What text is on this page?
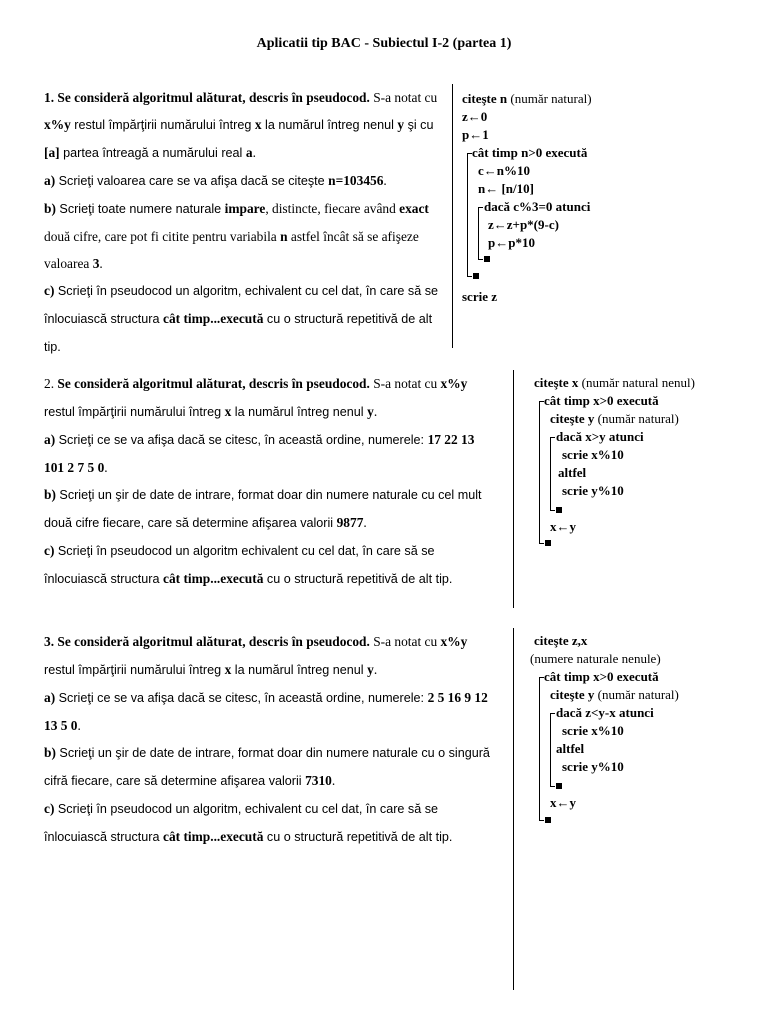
Aplicatii tip BAC - Subiectul I-2 (partea 1)
1. Se consideră algoritmul alăturat, descris în pseudocod. S-a notat cu x%y restul împărţirii numărului întreg x la numărul întreg nenul y şi cu [a] partea întreagă a numărului real a.
a) Scrieţi valoarea care se va afişa dacă se citeşte n=103456.
b) Scrieţi toate numere naturale impare, distincte, fiecare având exact două cifre, care pot fi citite pentru variabila n astfel încât să se afişeze valoarea 3.
c) Scrieţi în pseudocod un algoritm, echivalent cu cel dat, în care să se înlocuiască structura cât timp...execută cu o structură repetitivă de alt tip.
citeşte n (număr natural)
z←0
p←1
cât timp n>0 execută
c←n%10
n← [n/10]
dacă c%3=0 atunci
z←z+p*(9-c)
p←p*10
scrie z
2. Se consideră algoritmul alăturat, descris în pseudocod. S-a notat cu x%y restul împărţirii numărului întreg x la numărul întreg nenul y.
a) Scrieţi ce se va afişa dacă se citesc, în această ordine, numerele: 17 22 13 101 2 7 5 0.
b) Scrieţi un şir de date de intrare, format doar din numere naturale cu cel mult două cifre fiecare, care să determine afişarea valorii 9877.
c) Scrieţi în pseudocod un algoritm echivalent cu cel dat, în care să se înlocuiască structura cât timp...execută cu o structură repetitivă de alt tip.
citeşte x (număr natural nenul)
cât timp x>0 execută
citeşte y (număr natural)
dacă x>y atunci
scrie x%10
altfel
scrie y%10
x←y
3. Se consideră algoritmul alăturat, descris în pseudocod. S-a notat cu x%y restul împărţirii numărului întreg x la numărul întreg nenul y.
a) Scrieţi ce se va afişa dacă se citesc, în această ordine, numerele: 2 5 16 9 12 13 5 0.
b) Scrieţi un şir de date de intrare, format doar din numere naturale cu o singură cifră fiecare, care să determine afişarea valorii 7310.
c) Scrieţi în pseudocod un algoritm, echivalent cu cel dat, în care să se înlocuiască structura cât timp...execută cu o structură repetitivă de alt tip.
citeşte z,x
(numere naturale nenule)
cât timp x>0 execută
citeşte y (număr natural)
dacă z<y-x atunci
scrie x%10
altfel
scrie y%10
x←y
